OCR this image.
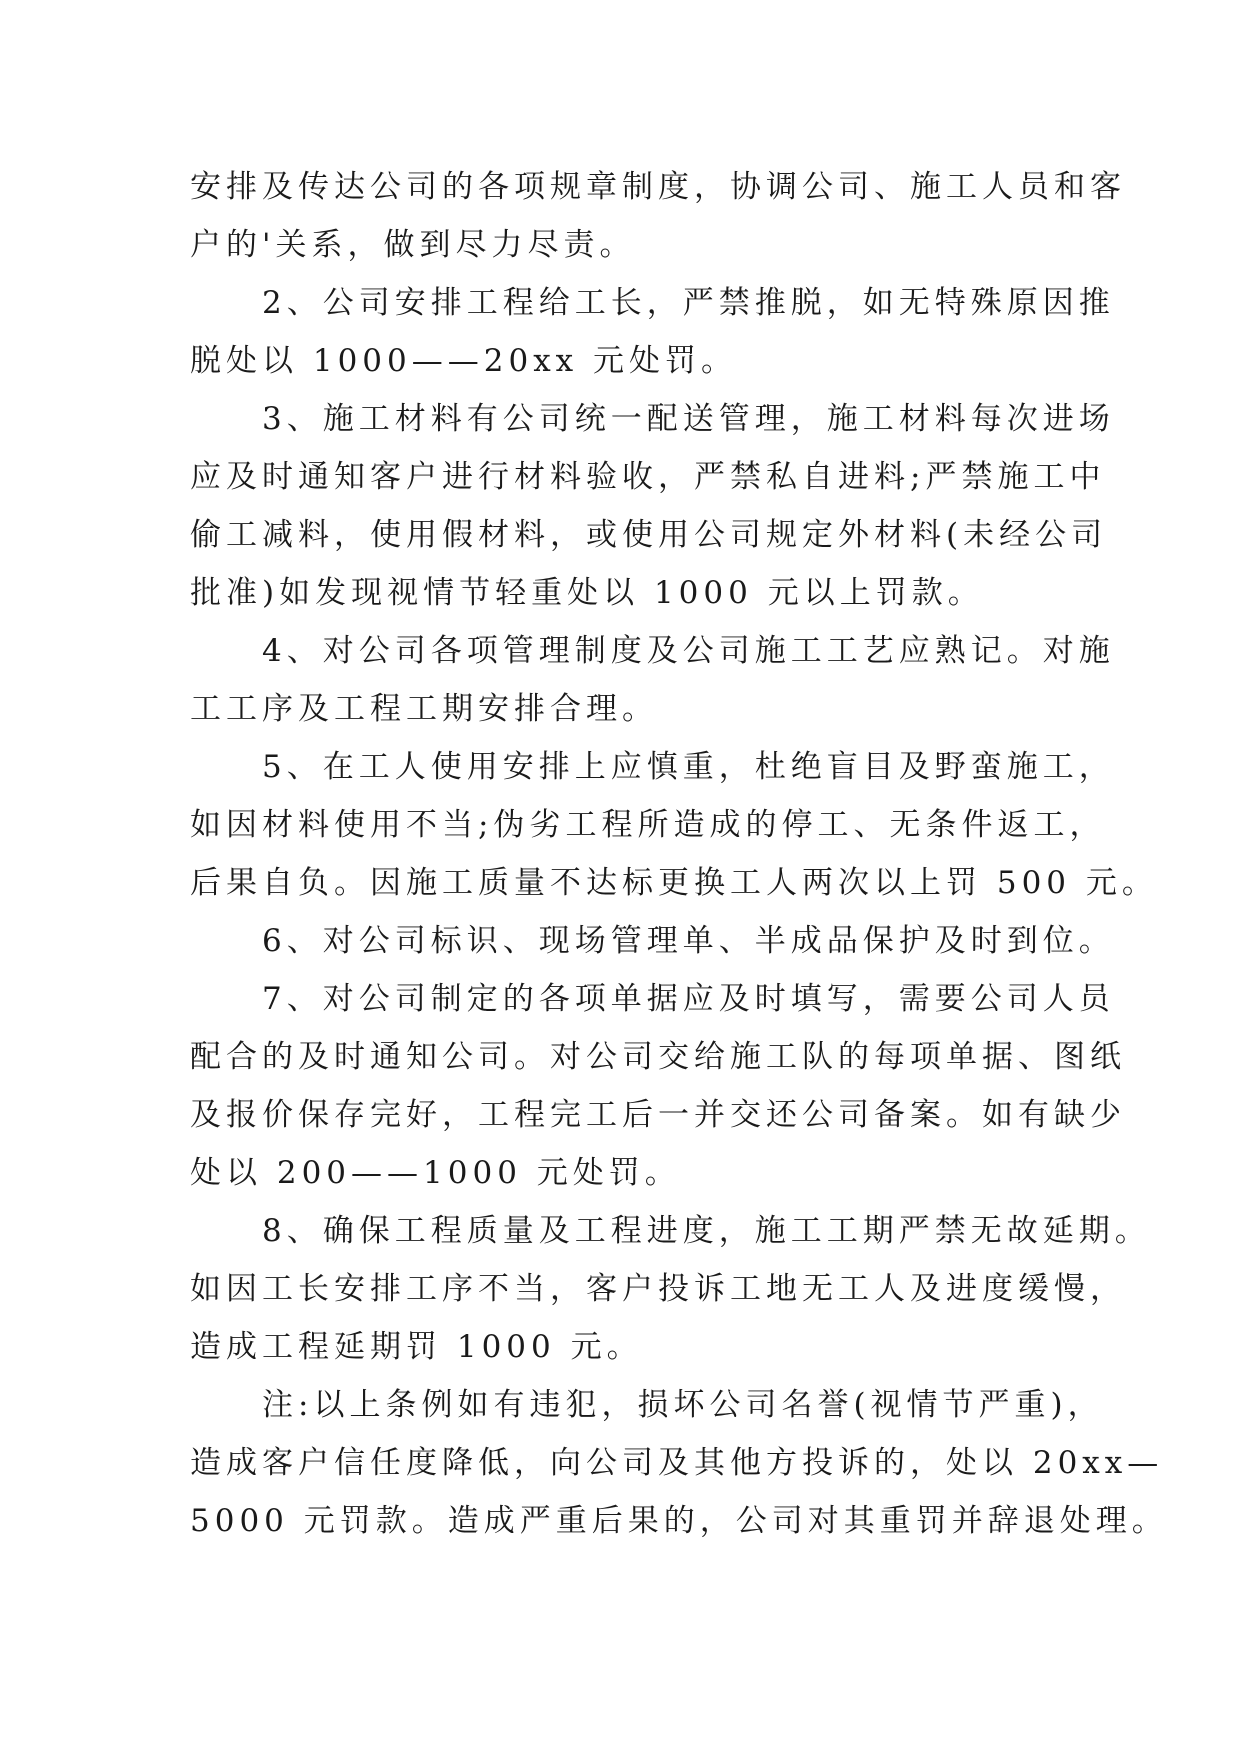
安排及传达公司的各项规章制度，协调公司、施工人员和客
户的'关系，做到尽力尽责。
2、公司安排工程给工长，严禁推脱，如无特殊原因推
脱处以 1000——20xx 元处罚。
3、施工材料有公司统一配送管理，施工材料每次进场
应及时通知客户进行材料验收，严禁私自进料;严禁施工中
偷工减料，使用假材料，或使用公司规定外材料(未经公司
批准)如发现视情节轻重处以 1000 元以上罚款。
4、对公司各项管理制度及公司施工工艺应熟记。对施
工工序及工程工期安排合理。
5、在工人使用安排上应慎重，杜绝盲目及野蛮施工，
如因材料使用不当;伪劣工程所造成的停工、无条件返工，
后果自负。因施工质量不达标更换工人两次以上罚 500 元。
6、对公司标识、现场管理单、半成品保护及时到位。
7、对公司制定的各项单据应及时填写，需要公司人员
配合的及时通知公司。对公司交给施工队的每项单据、图纸
及报价保存完好，工程完工后一并交还公司备案。如有缺少
处以 200——1000 元处罚。
8、确保工程质量及工程进度，施工工期严禁无故延期。
如因工长安排工序不当，客户投诉工地无工人及进度缓慢，
造成工程延期罚 1000 元。
注:以上条例如有违犯，损坏公司名誉(视情节严重)，
造成客户信任度降低，向公司及其他方投诉的，处以 20xx—
5000 元罚款。造成严重后果的，公司对其重罚并辞退处理。
